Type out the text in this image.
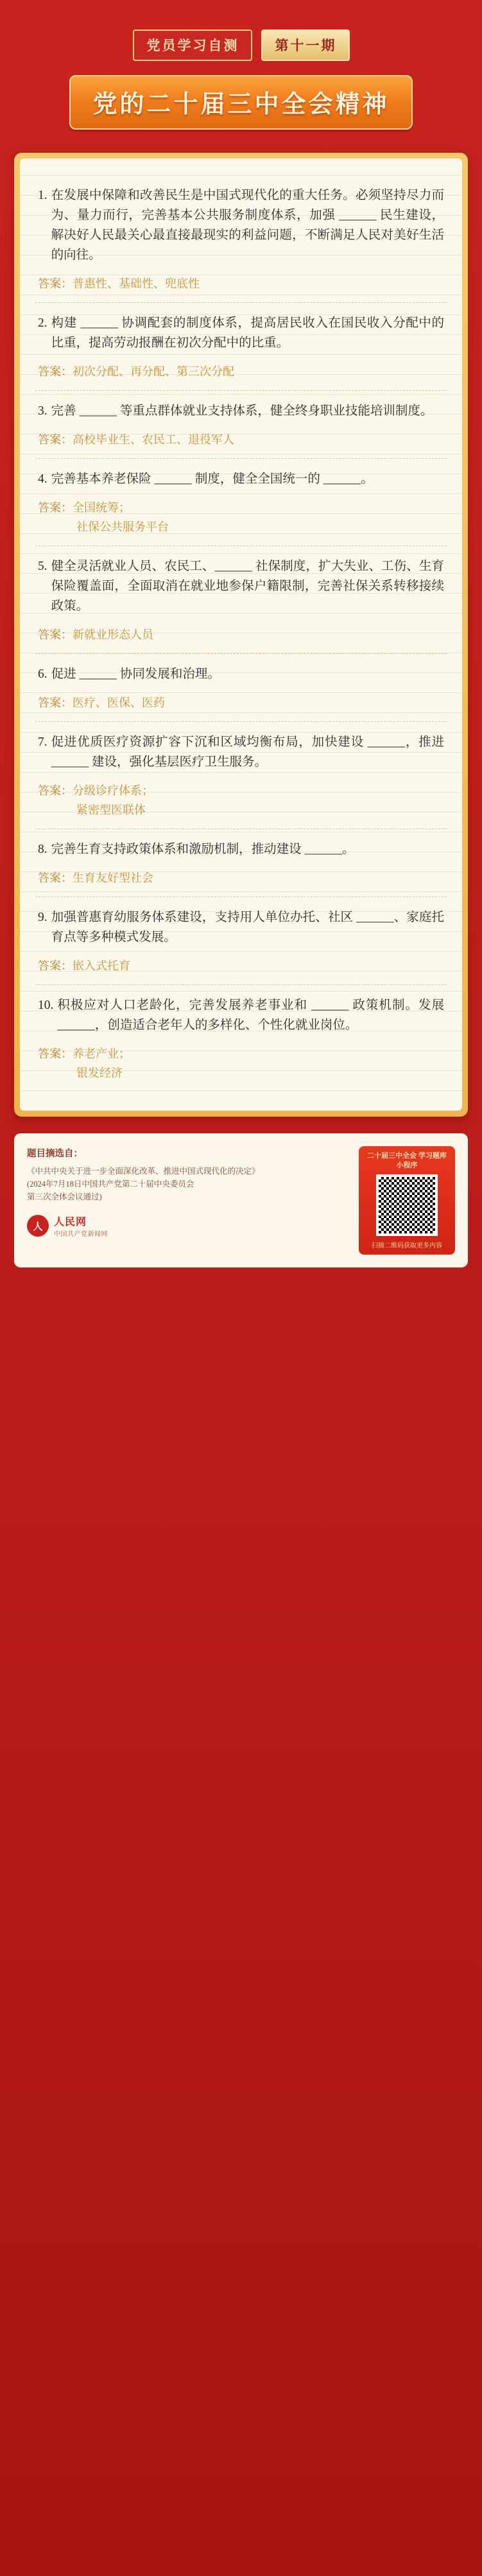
党员学习自测	第十一期
党的二十届三中全会精神
1. 在发展中保障和改善民生是中国式现代化的重大任务。必须坚持尽力而为、量力而行，完善基本公共服务制度体系，加强 ______ 民生建设，解决好人民最关心最直接最现实的利益问题，不断满足人民对美好生活的向往。
答案：普惠性、基础性、兜底性
2. 构建 ______ 协调配套的制度体系，提高居民收入在国民收入分配中的比重，提高劳动报酬在初次分配中的比重。
答案：初次分配、再分配、第三次分配
3. 完善 ______ 等重点群体就业支持体系，健全终身职业技能培训制度。
答案：高校毕业生、农民工、退役军人
4. 完善基本养老保险 ______ 制度，健全全国统一的 ______。
答案：全国统筹；
社保公共服务平台
5. 健全灵活就业人员、农民工、______ 社保制度，扩大失业、工伤、生育保险覆盖面，全面取消在就业地参保户籍限制，完善社保关系转移接续政策。
答案：新就业形态人员
6. 促进 ______ 协同发展和治理。
答案：医疗、医保、医药
7. 促进优质医疗资源扩容下沉和区域均衡布局，加快建设 ______，推进 ______ 建设，强化基层医疗卫生服务。
答案：分级诊疗体系；
紧密型医联体
8. 完善生育支持政策体系和激励机制，推动建设 ______。
答案：生育友好型社会
9. 加强普惠育幼服务体系建设，支持用人单位办托、社区 ______、家庭托育点等多种模式发展。
答案：嵌入式托育
10. 积极应对人口老龄化，完善发展养老事业和 ______ 政策机制。发展 ______，创造适合老年人的多样化、个性化就业岗位。
答案：养老产业；
银发经济
题目摘选自：
《中共中央关于进一步全面深化改革、推进中国式现代化的决定》
(2024年7月18日中国共产党第二十届中央委员会
第三次全体会议通过)
人	人民网
中国共产党新闻网
二十届三中全会 学习题库小程序
扫描二维码获取更多内容
